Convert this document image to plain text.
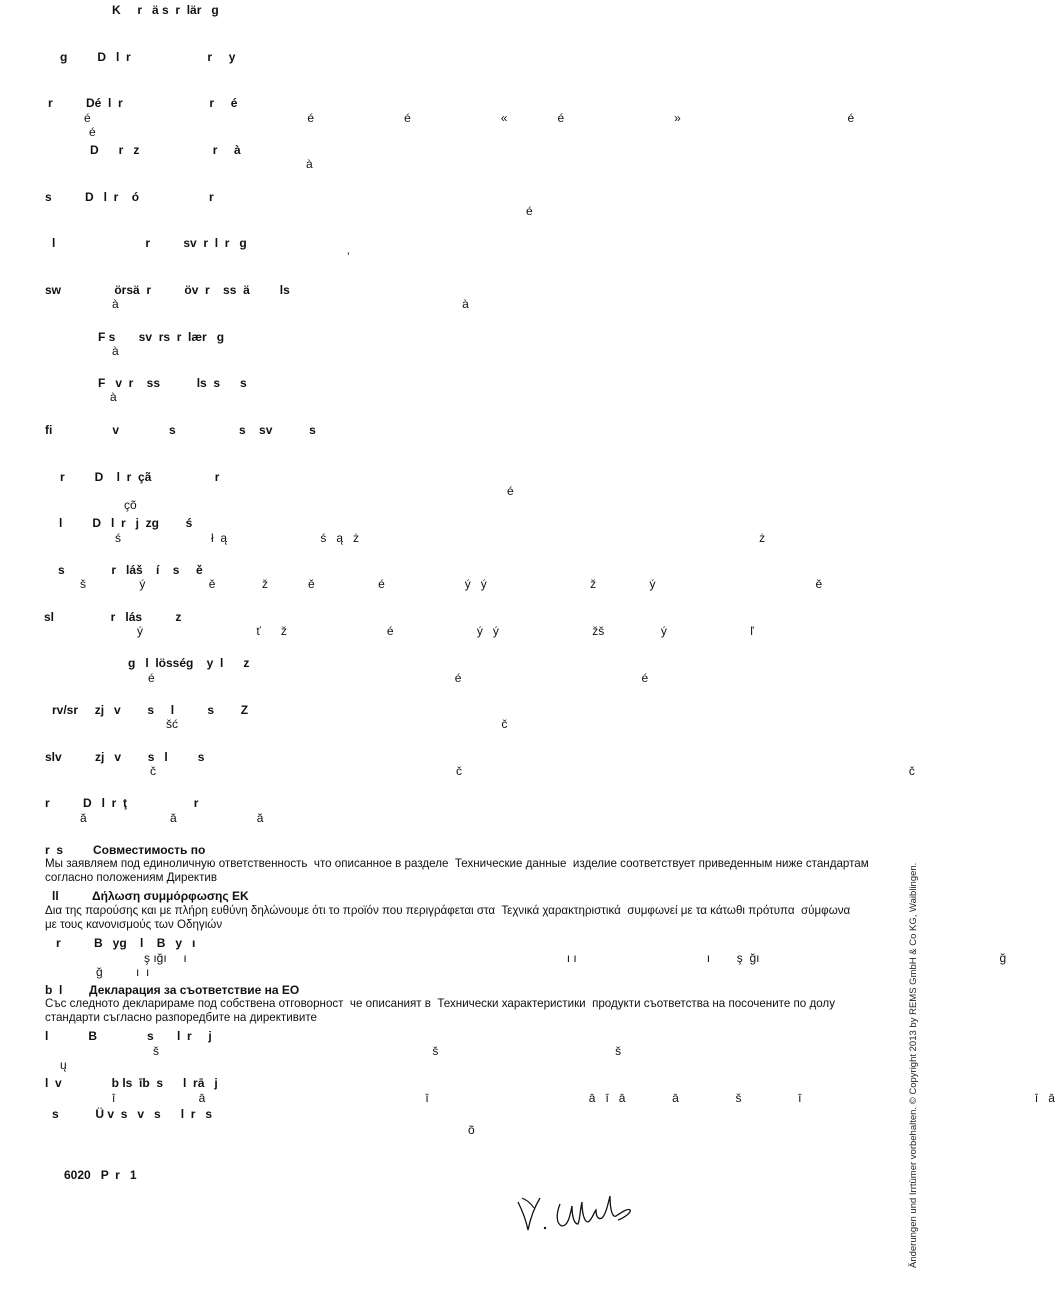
K     r   ä s  r  lär   g
g         D   l  r                       r     y
r          Dé  l  r                          r     é
é                                                                 é                           é                           «               é                                 »                                                  é
é
D      r   z                      r     à
à
s          D   l  r    ó                     r
é
l                           r          sv  r  l  r   g
’
sw                örsä  r          öv  r    ss  ä         ls
à                                                                                                       à
F s       sv  rs  r  lær   g
à
F   v  r    ss           ls  s      s
à
fi                  v               s                   s    sv           s
r         D    l  r  çã                   r
é
çõ
l         D   l  r   j  zg        ś
ś                           ł  ą                            ś   ą   ż                                                                                                                        ż
s              r   láš    í    s     ě
š                ý                   ě              ž            ě                   é                        ý   ý                               ž                ý                                                ě
sl                 r   lás          z
ý                                  ť      ž                              é                         ý   ý                            žš                 ý                         ľ
g   l  lösség    y  l      z
é                                                                                          é                                                      é
rv/sr     zj   v        s     l          s        Z
šć                                                                                                 č
slv          zj   v        s   l         s
č                                                                                          č                                                                                                                                      č
r          D   l  r  ţ                    r
ă                         ă                        ă
r  s         Совместимость по
Мы заявляем под единоличную ответственность  что описанное в разделе  Технические данные  изделие соответствует приведенным ниже стандартам
согласно положениям Директив
ll          Δήλωση συμμόρφωσης ΕΚ
Δια της παρούσης και με πλήρη ευθύνη δηλώνουμε ότι το προϊόν που περιγράφεται στα  Τεχνικά χαρακτηριστικά  συμφωνεί με τα κάτωθι πρότυπα  σύμφωνα
με τους κανονισμούς των Οδηγιών
r          B   yg    l    B   y   ı
ş ığı     ı                                                                                                                  ı ı                                       ı        ş  ğı                                                                        ğ
ğ          ı  ı
b  l        Декларация за съответствие на ЕО
Със следното декларираме под собствена отговорност  че описаният в  Технически характеристики  продукти съответства на посочените по долу
стандарти съгласно разпоредбите на директивите
l            B               s       l  r     j
š                                                                                  š                                                     š
ų
l  v               b ls  īb  s      l  rā   j
ī                         ā                                                                  ī                                                ā   ī   ā              ā                 š                 ī                                                                      ī   ā
s           Ü v  s   v   s      l  r   s
õ
6020   P  r   1	Änderungen und Irrtümer vorbehalten. © Copyright 2013 by REMS GmbH & Co KG, Waiblingen.
